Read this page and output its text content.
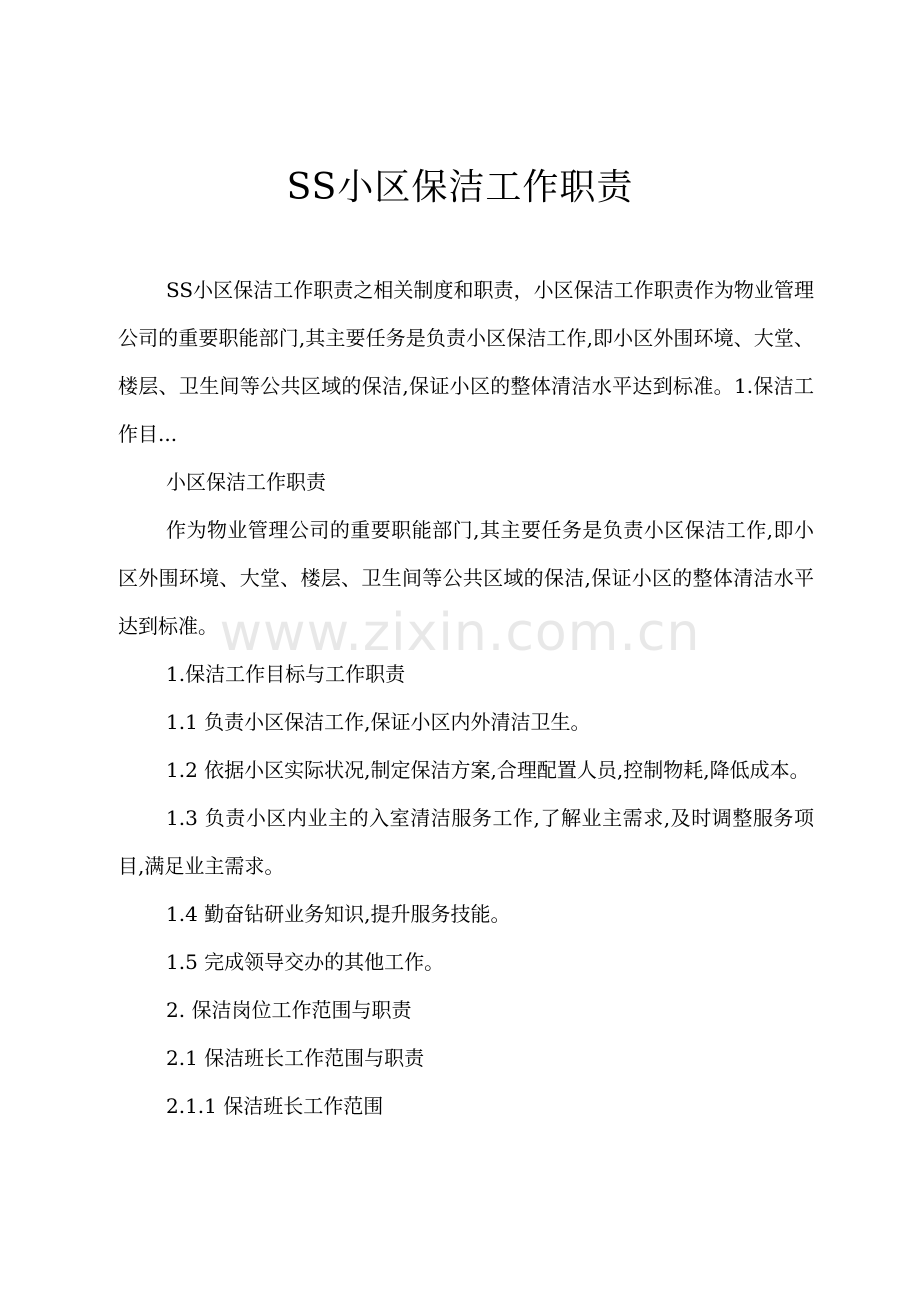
SS小区保洁工作职责

SS小区保洁工作职责之相关制度和职责，小区保洁工作职责作为物业管理公司的重要职能部门,其主要任务是负责小区保洁工作,即小区外围环境、大堂、楼层、卫生间等公共区域的保洁,保证小区的整体清洁水平达到标准。1.保洁工作目...

小区保洁工作职责

作为物业管理公司的重要职能部门,其主要任务是负责小区保洁工作,即小区外围环境、大堂、楼层、卫生间等公共区域的保洁,保证小区的整体清洁水平达到标准。

1.保洁工作目标与工作职责

1.1 负责小区保洁工作,保证小区内外清洁卫生。

1.2 依据小区实际状况,制定保洁方案,合理配置人员,控制物耗,降低成本。

1.3 负责小区内业主的入室清洁服务工作,了解业主需求,及时调整服务项目,满足业主需求。

1.4 勤奋钻研业务知识,提升服务技能。

1.5 完成领导交办的其他工作。

2. 保洁岗位工作范围与职责

2.1 保洁班长工作范围与职责

2.1.1 保洁班长工作范围

www.zixin.com.cn
